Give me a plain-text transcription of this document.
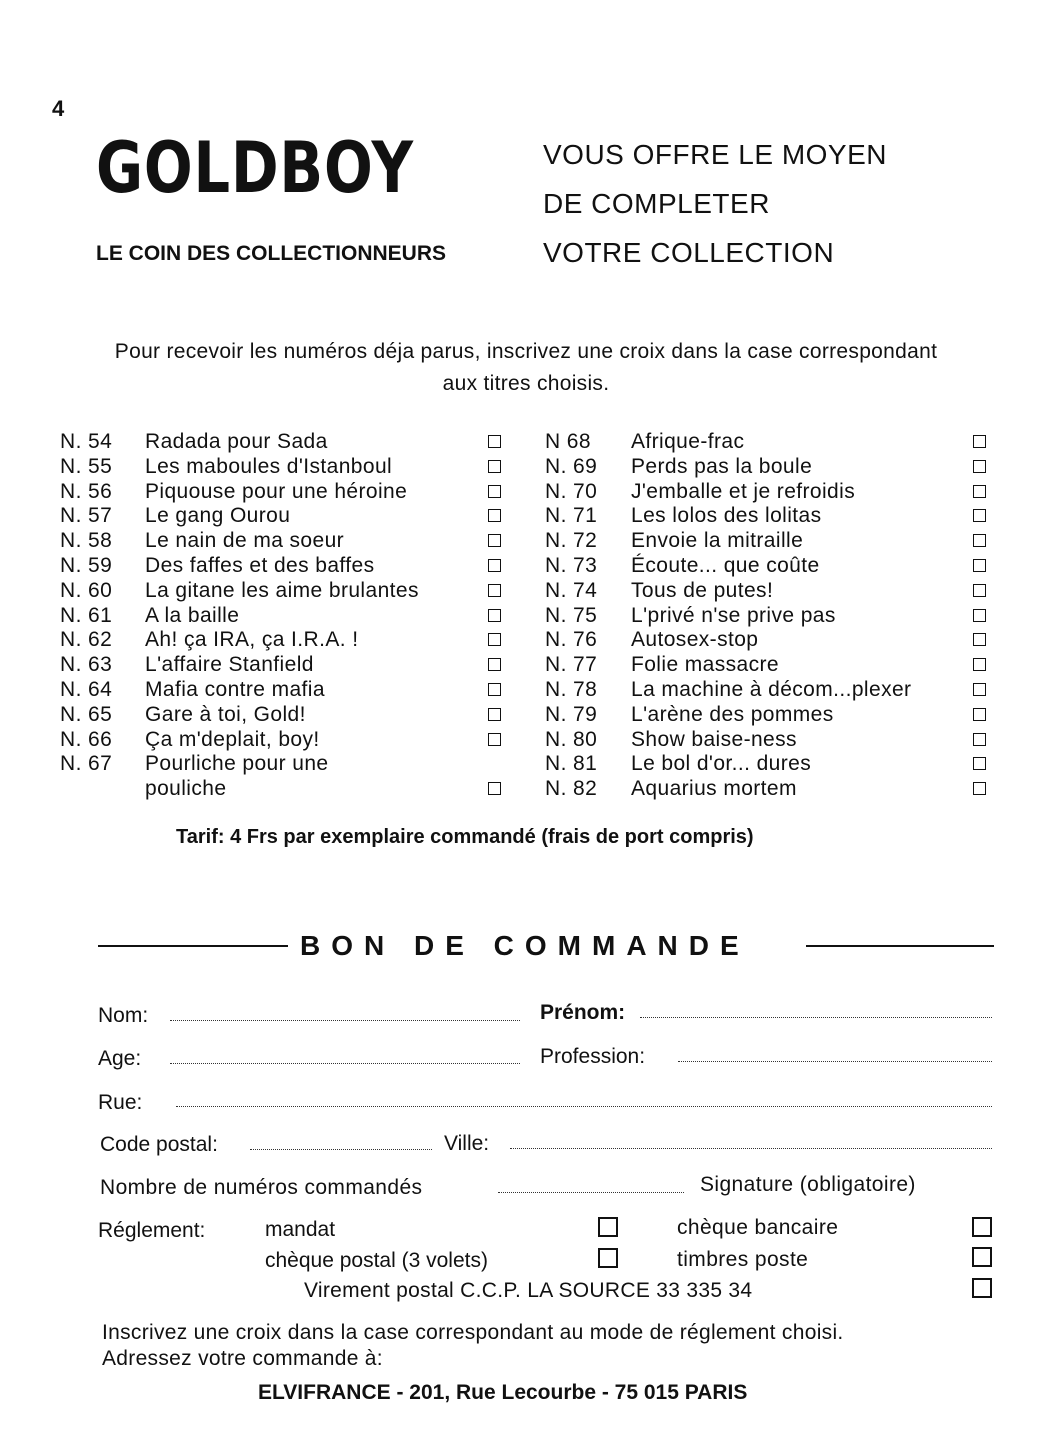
4
GOLDBOY
LE COIN DES COLLECTIONNEURS
VOUS OFFRE LE MOYEN
DE COMPLETER
VOTRE COLLECTION
Pour recevoir les numéros déja parus, inscrivez une croix dans la case correspondant aux titres choisis.
N. 54 Radada pour Sada
N. 55 Les maboules d'Istanboul
N. 56 Piquouse pour une héroine
N. 57 Le gang Ourou
N. 58 Le nain de ma soeur
N. 59 Des faffes et des baffes
N. 60 La gitane les aime brulantes
N. 61 A la baille
N. 62 Ah! ça IRA, ça I.R.A. !
N. 63 L'affaire Stanfield
N. 64 Mafia contre mafia
N. 65 Gare à toi, Gold!
N. 66 Ça m'deplait, boy!
N. 67 Pourliche pour une
pouliche
N 68 Afrique-frac
N. 69 Perds pas la boule
N. 70 J'emballe et je refroidis
N. 71 Les lolos des lolitas
N. 72 Envoie la mitraille
N. 73 Écoute... que coûte
N. 74 Tous de putes!
N. 75 L'privé n'se prive pas
N. 76 Autosex-stop
N. 77 Folie massacre
N. 78 La machine à décom...plexer
N. 79 L'arène des pommes
N. 80 Show baise-ness
N. 81 Le bol d'or... dures
N. 82 Aquarius mortem
Tarif: 4 Frs par exemplaire commandé (frais de port compris)
BON DE COMMANDE
Nom:	Prénom:
Age:	Profession:
Rue:
Code postal:	Ville:
Nombre de numéros commandés	Signature (obligatoire)
Réglement:	mandat	chèque bancaire
chèque postal (3 volets)	timbres poste
Virement postal C.C.P. LA SOURCE 33 335 34
Inscrivez une croix dans la case correspondant au mode de réglement choisi.
Adressez votre commande à:
ELVIFRANCE - 201, Rue Lecourbe - 75 015 PARIS
